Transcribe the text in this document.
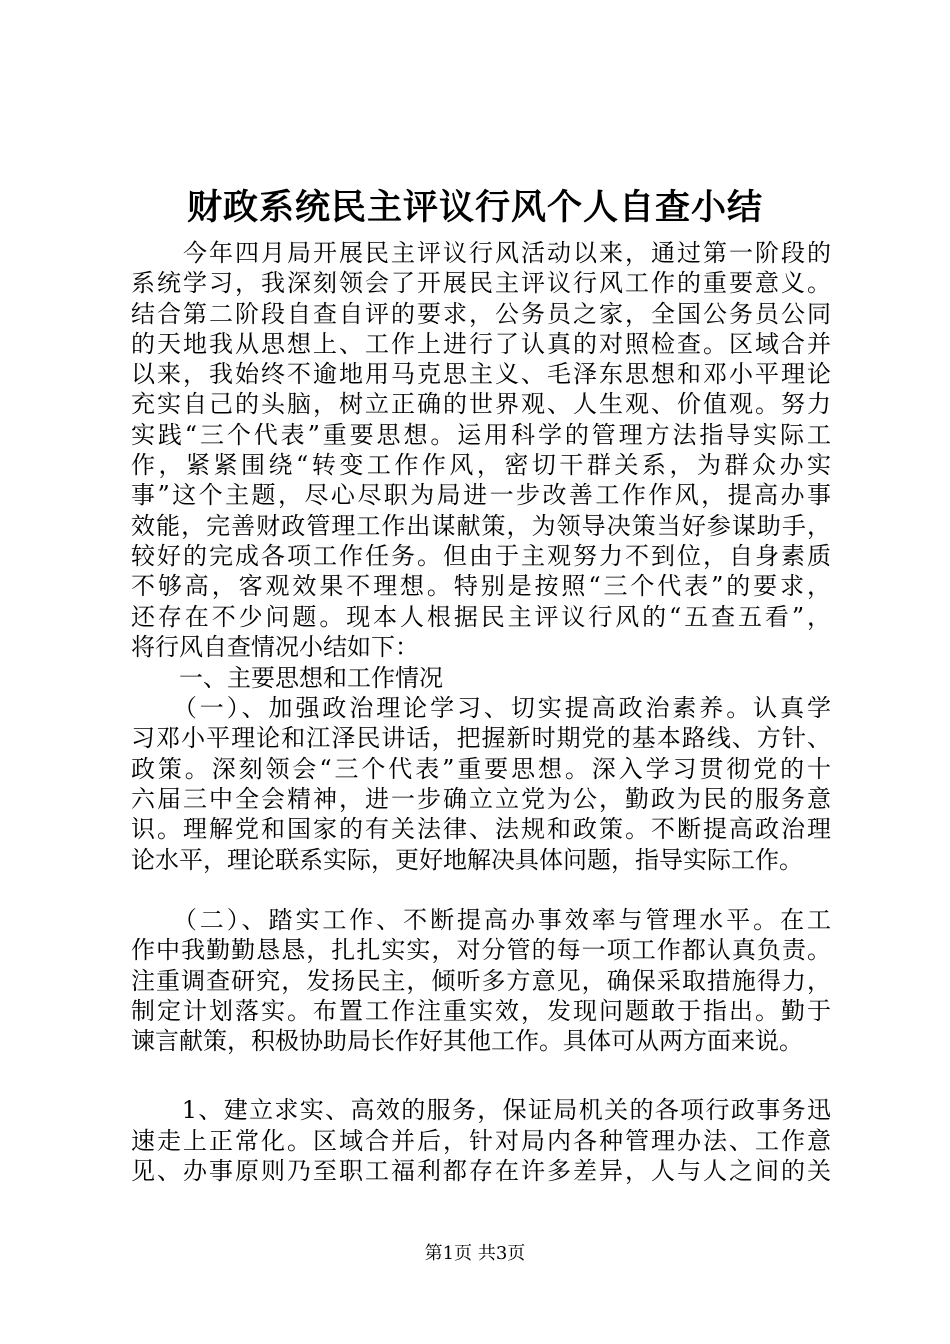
财政系统民主评议行风个人自查小结
　　今年四月局开展民主评议行风活动以来，通过第一阶段的
系统学习，我深刻领会了开展民主评议行风工作的重要意义。
结合第二阶段自查自评的要求，公务员之家，全国公务员公同
的天地我从思想上、工作上进行了认真的对照检查。区域合并
以来，我始终不逾地用马克思主义、毛泽东思想和邓小平理论
充实自己的头脑，树立正确的世界观、人生观、价值观。努力
实践“三个代表”重要思想。运用科学的管理方法指导实际工
作，紧紧围绕“转变工作作风，密切干群关系，为群众办实
事”这个主题，尽心尽职为局进一步改善工作作风，提高办事
效能，完善财政管理工作出谋献策，为领导决策当好参谋助手，
较好的完成各项工作任务。但由于主观努力不到位，自身素质
不够高，客观效果不理想。特别是按照“三个代表”的要求，
还存在不少问题。现本人根据民主评议行风的“五查五看”，
将行风自查情况小结如下：
　　一、主要思想和工作情况
　　（一）、加强政治理论学习、切实提高政治素养。认真学
习邓小平理论和江泽民讲话，把握新时期党的基本路线、方针、
政策。深刻领会“三个代表”重要思想。深入学习贯彻党的十
六届三中全会精神，进一步确立立党为公，勤政为民的服务意
识。理解党和国家的有关法律、法规和政策。不断提高政治理
论水平，理论联系实际，更好地解决具体问题，指导实际工作。
　　（二）、踏实工作、不断提高办事效率与管理水平。在工
作中我勤勤恳恳，扎扎实实，对分管的每一项工作都认真负责。
注重调查研究，发扬民主，倾听多方意见，确保采取措施得力，
制定计划落实。布置工作注重实效，发现问题敢于指出。勤于
谏言献策，积极协助局长作好其他工作。具体可从两方面来说。
　　1、建立求实、高效的服务，保证局机关的各项行政事务迅
速走上正常化。区域合并后，针对局内各种管理办法、工作意
见、办事原则乃至职工福利都存在许多差异，人与人之间的关
第1页 共3页
